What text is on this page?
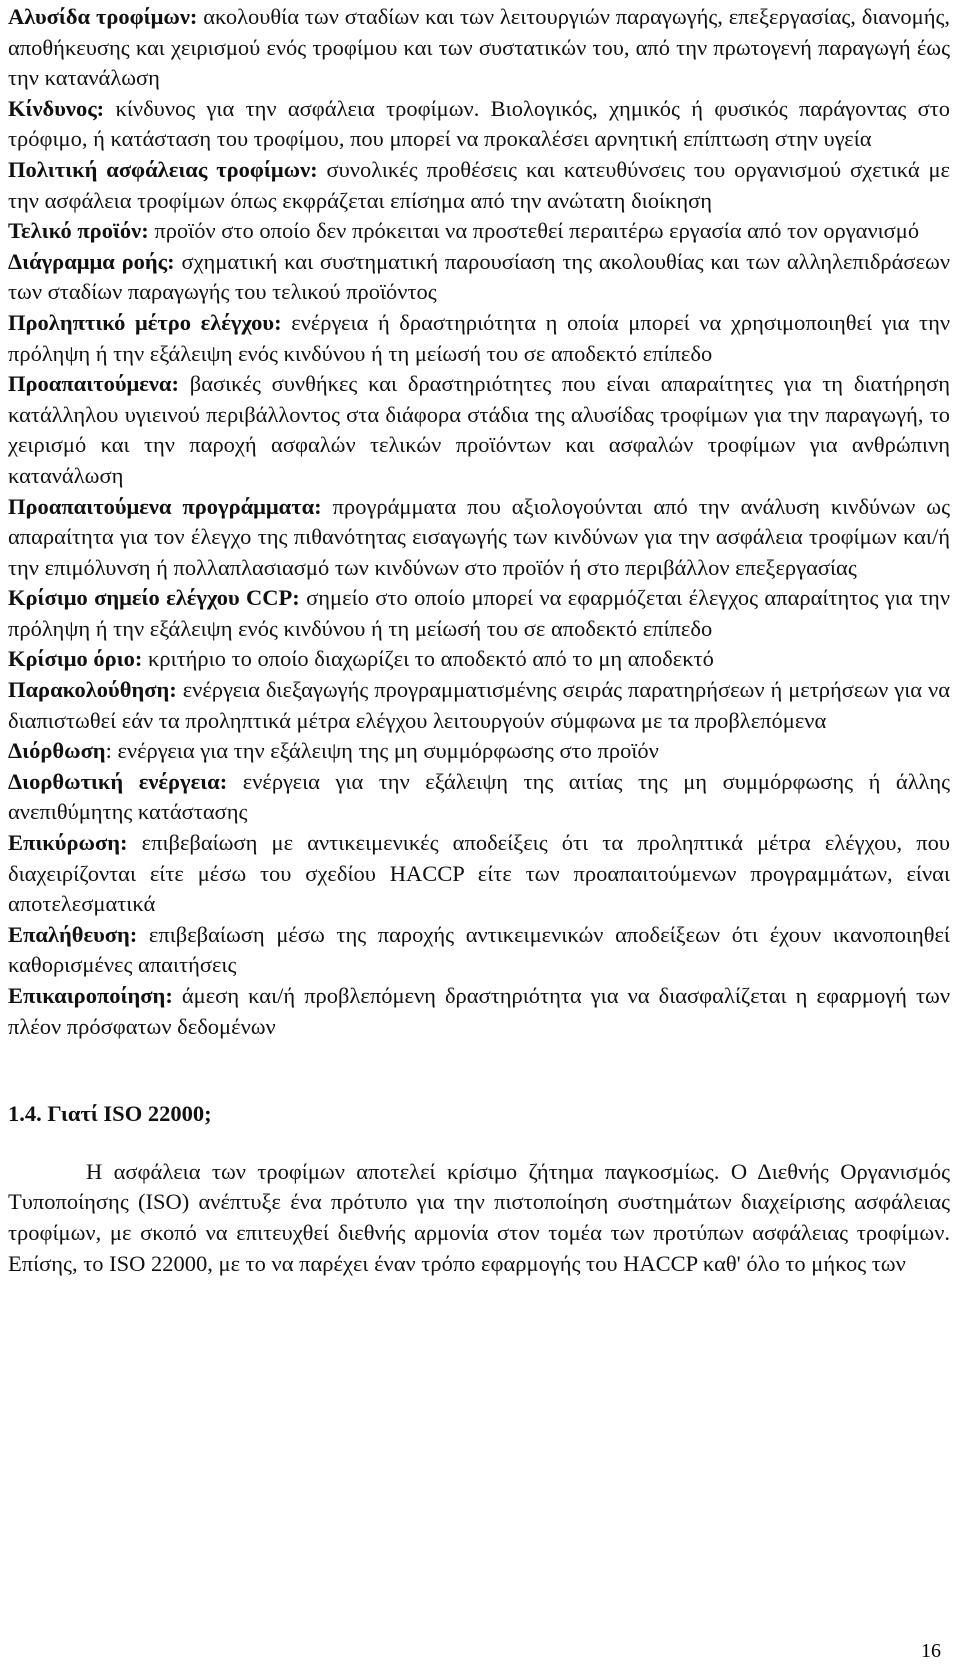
Αλυσίδα τροφίμων: ακολουθία των σταδίων και των λειτουργιών παραγωγής, επεξεργασίας, διανομής, αποθήκευσης και χειρισμού ενός τροφίμου και των συστατικών του, από την πρωτογενή παραγωγή έως την κατανάλωση

Κίνδυνος: κίνδυνος για την ασφάλεια τροφίμων. Βιολογικός, χημικός ή φυσικός παράγοντας στο τρόφιμο, ή κατάσταση του τροφίμου, που μπορεί να προκαλέσει αρνητική επίπτωση στην υγεία

Πολιτική ασφάλειας τροφίμων: συνολικές προθέσεις και κατευθύνσεις του οργανισμού σχετικά με την ασφάλεια τροφίμων όπως εκφράζεται επίσημα από την ανώτατη διοίκηση

Τελικό προϊόν: προϊόν στο οποίο δεν πρόκειται να προστεθεί περαιτέρω εργασία από τον οργανισμό

Διάγραμμα ροής: σχηματική και συστηματική παρουσίαση της ακολουθίας και των αλληλεπιδράσεων των σταδίων παραγωγής του τελικού προϊόντος

Προληπτικό μέτρο ελέγχου: ενέργεια ή δραστηριότητα η οποία μπορεί να χρησιμοποιηθεί για την πρόληψη ή την εξάλειψη ενός κινδύνου ή τη μείωσή του σε αποδεκτό επίπεδο

Προαπαιτούμενα: βασικές συνθήκες και δραστηριότητες που είναι απαραίτητες για τη διατήρηση κατάλληλου υγιεινού περιβάλλοντος στα διάφορα στάδια της αλυσίδας τροφίμων για την παραγωγή, το χειρισμό και την παροχή ασφαλών τελικών προϊόντων και ασφαλών τροφίμων για ανθρώπινη κατανάλωση

Προαπαιτούμενα προγράμματα: προγράμματα που αξιολογούνται από την ανάλυση κινδύνων ως απαραίτητα για τον έλεγχο της πιθανότητας εισαγωγής των κινδύνων για την ασφάλεια τροφίμων και/ή την επιμόλυνση ή πολλαπλασιασμό των κινδύνων στο προϊόν ή στο περιβάλλον επεξεργασίας

Κρίσιμο σημείο ελέγχου CCP: σημείο στο οποίο μπορεί να εφαρμόζεται έλεγχος απαραίτητος για την πρόληψη ή την εξάλειψη ενός κινδύνου ή τη μείωσή του σε αποδεκτό επίπεδο

Κρίσιμο όριο: κριτήριο το οποίο διαχωρίζει το αποδεκτό από το μη αποδεκτό

Παρακολούθηση: ενέργεια διεξαγωγής προγραμματισμένης σειράς παρατηρήσεων ή μετρήσεων για να διαπιστωθεί εάν τα προληπτικά μέτρα ελέγχου λειτουργούν σύμφωνα με τα προβλεπόμενα

Διόρθωση: ενέργεια για την εξάλειψη της μη συμμόρφωσης στο προϊόν

Διορθωτική ενέργεια: ενέργεια για την εξάλειψη της αιτίας της μη συμμόρφωσης ή άλλης ανεπιθύμητης κατάστασης

Επικύρωση: επιβεβαίωση με αντικειμενικές αποδείξεις ότι τα προληπτικά μέτρα ελέγχου, που διαχειρίζονται είτε μέσω του σχεδίου HACCP είτε των προαπαιτούμενων προγραμμάτων, είναι αποτελεσματικά

Επαλήθευση: επιβεβαίωση μέσω της παροχής αντικειμενικών αποδείξεων ότι έχουν ικανοποιηθεί καθορισμένες απαιτήσεις

Επικαιροποίηση: άμεση και/ή προβλεπόμενη δραστηριότητα για να διασφαλίζεται η εφαρμογή των πλέον πρόσφατων δεδομένων

1.4. Γιατί ISO 22000;

Η ασφάλεια των τροφίμων αποτελεί κρίσιμο ζήτημα παγκοσμίως. Ο Διεθνής Οργανισμός Τυποποίησης (ISO) ανέπτυξε ένα πρότυπο για την πιστοποίηση συστημάτων διαχείρισης ασφάλειας τροφίμων, με σκοπό να επιτευχθεί διεθνής αρμονία στον τομέα των προτύπων ασφάλειας τροφίμων. Επίσης, το ISO 22000, με το να παρέχει έναν τρόπο εφαρμογής του HACCP καθ' όλο το μήκος των

16
